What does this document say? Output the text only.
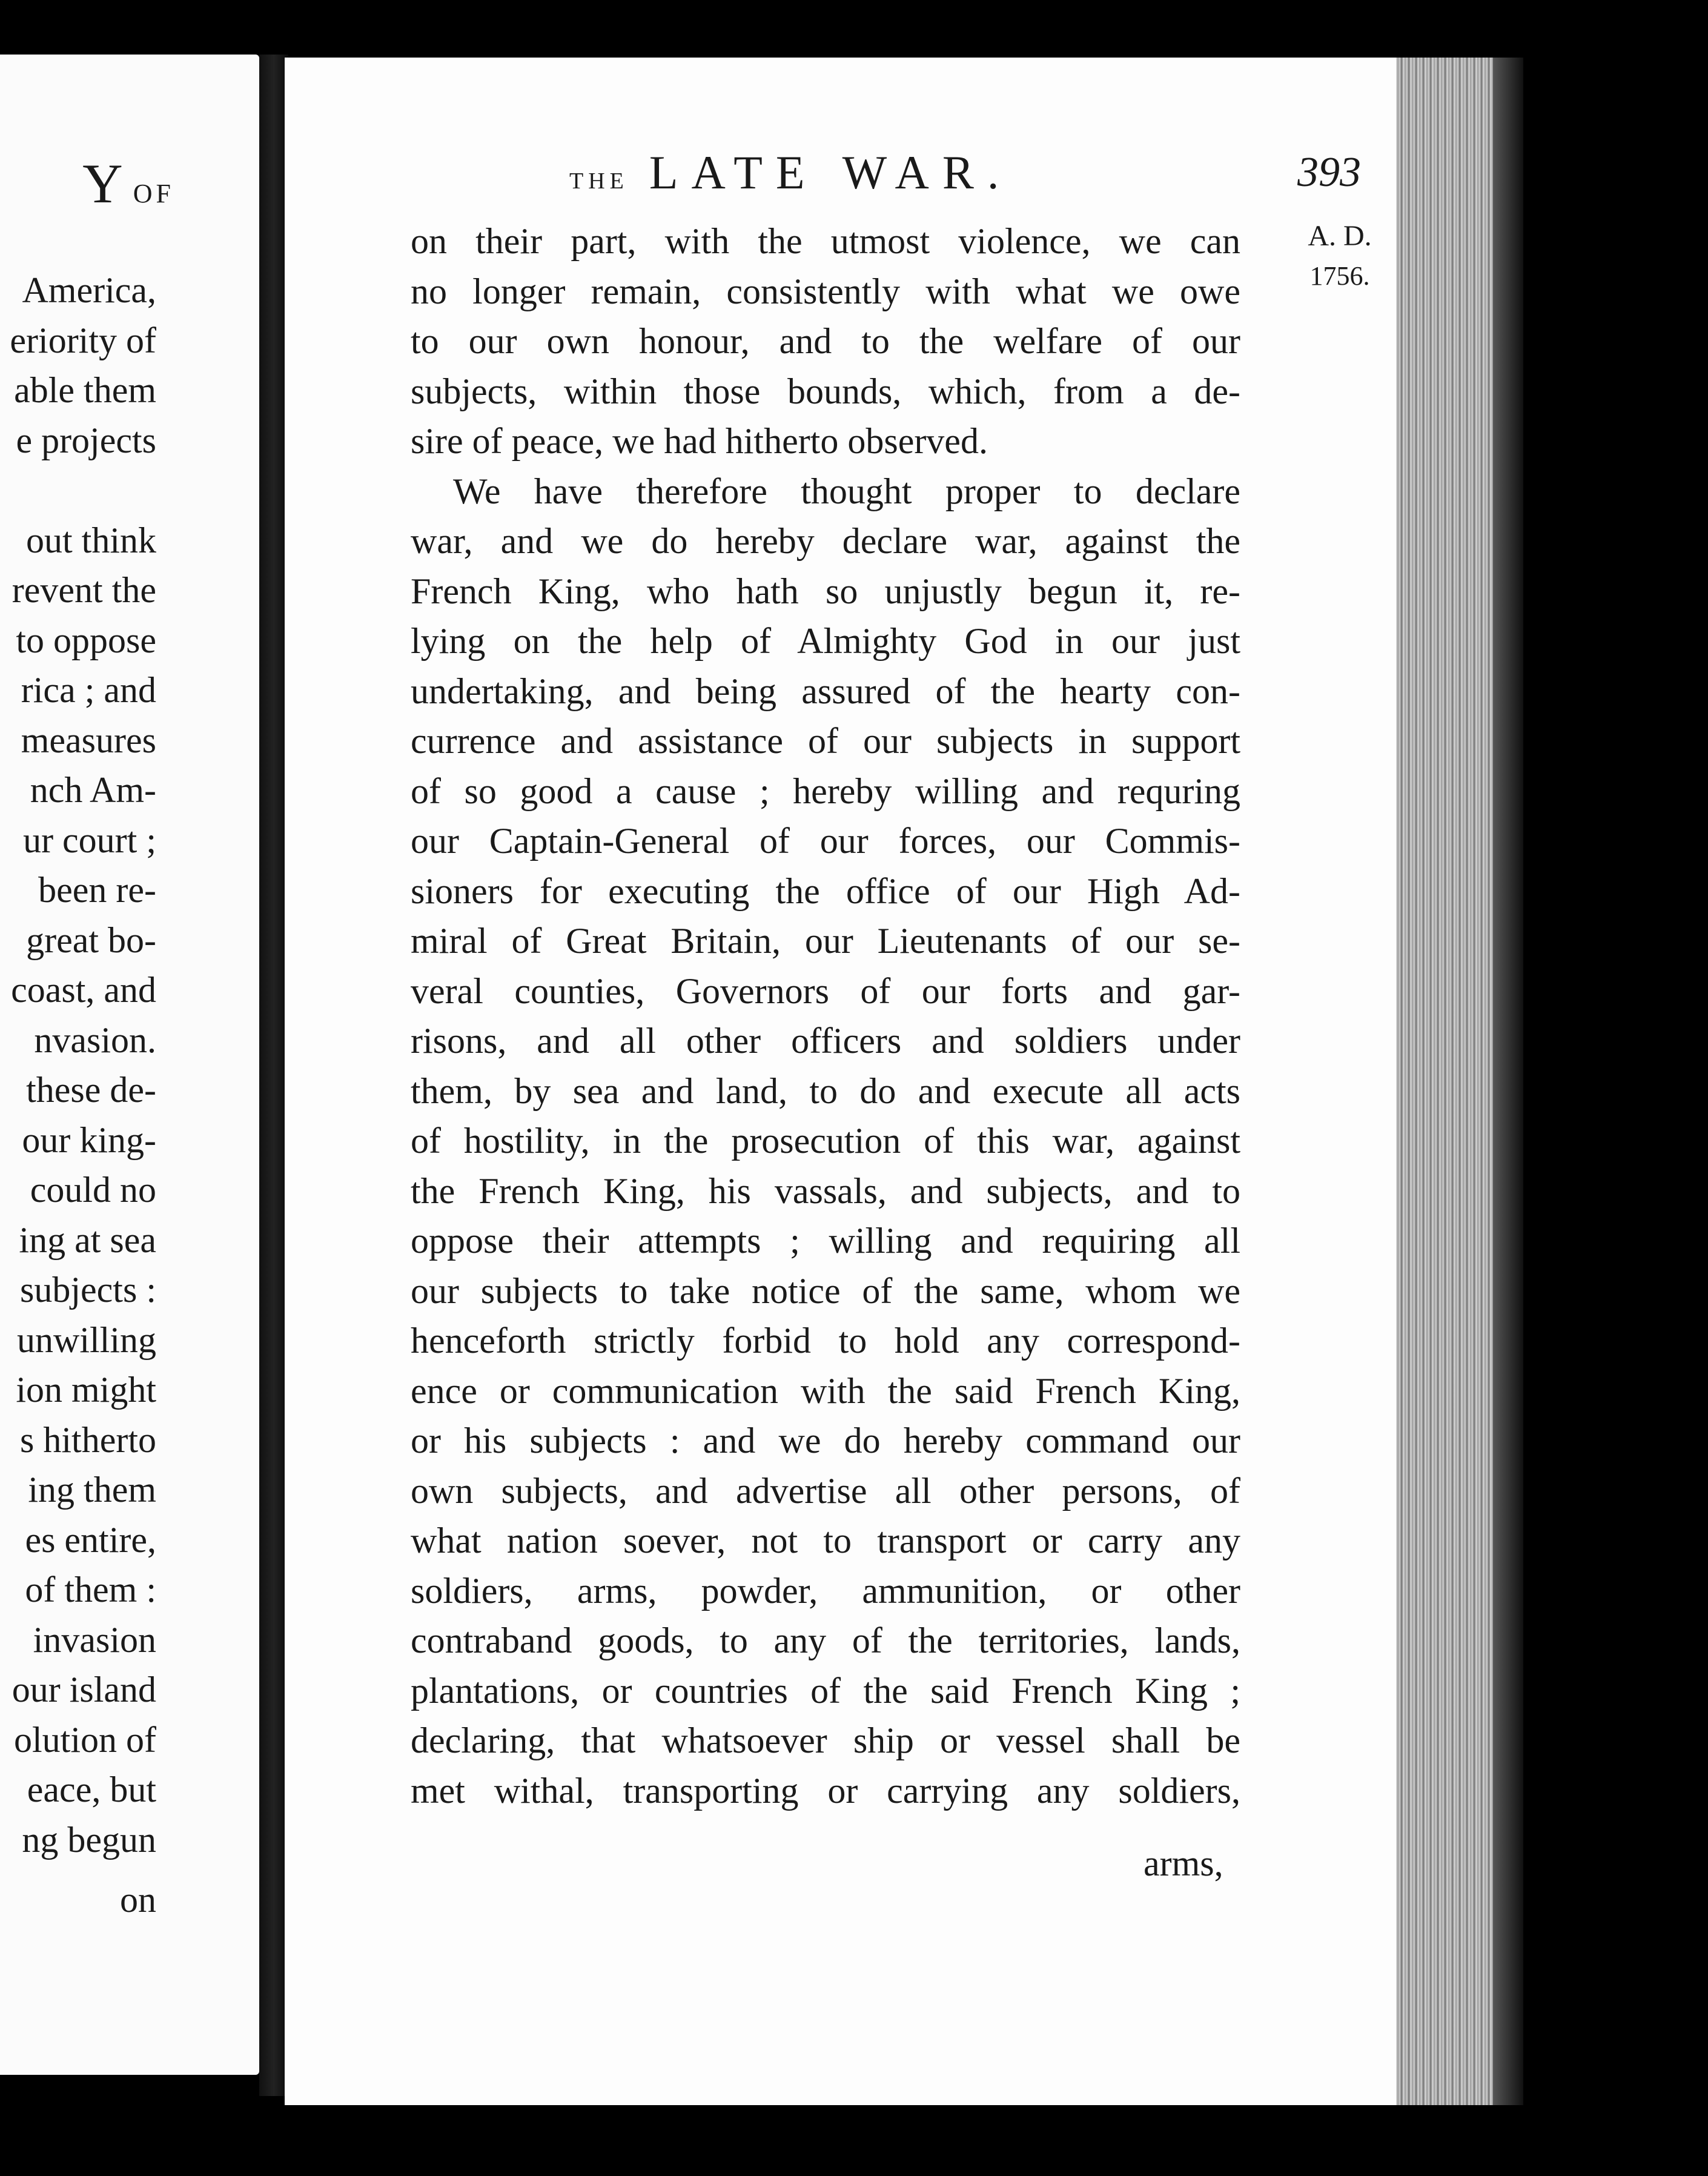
Y OF
America,
eriority of
able them
e projects

out think
revent the
to oppose
rica ; and
measures
nch Am-
ur court ;
been re-
great bo-
coast, and
nvasion.
these de-
our king-
could no
ing at sea
subjects :
unwilling
ion might
s hitherto
ing them
es entire,
of them :
invasion
our island
olution of
eace, but
ng begun
on
THE LATE WAR.	393
A. D.
1756.
on their part, with the utmost violence, we can
no longer remain, consistently with what we owe
to our own honour, and to the welfare of our
subjects, within those bounds, which, from a de-
sire of peace, we had hitherto observed.
We have therefore thought proper to declare
war, and we do hereby declare war, against the
French King, who hath so unjustly begun it, re-
lying on the help of Almighty God in our just
undertaking, and being assured of the hearty con-
currence and assistance of our subjects in support
of so good a cause ; hereby willing and requring
our Captain-General of our forces, our Commis-
sioners for executing the office of our High Ad-
miral of Great Britain, our Lieutenants of our se-
veral counties, Governors of our forts and gar-
risons, and all other officers and soldiers under
them, by sea and land, to do and execute all acts
of hostility, in the prosecution of this war, against
the French King, his vassals, and subjects, and to
oppose their attempts ; willing and requiring all
our subjects to take notice of the same, whom we
henceforth strictly forbid to hold any correspond-
ence or communication with the said French King,
or his subjects : and we do hereby command our
own subjects, and advertise all other persons, of
what nation soever, not to transport or carry any
soldiers, arms, powder, ammunition, or other
contraband goods, to any of the territories, lands,
plantations, or countries of the said French King ;
declaring, that whatsoever ship or vessel shall be
met withal, transporting or carrying any soldiers,
arms,
